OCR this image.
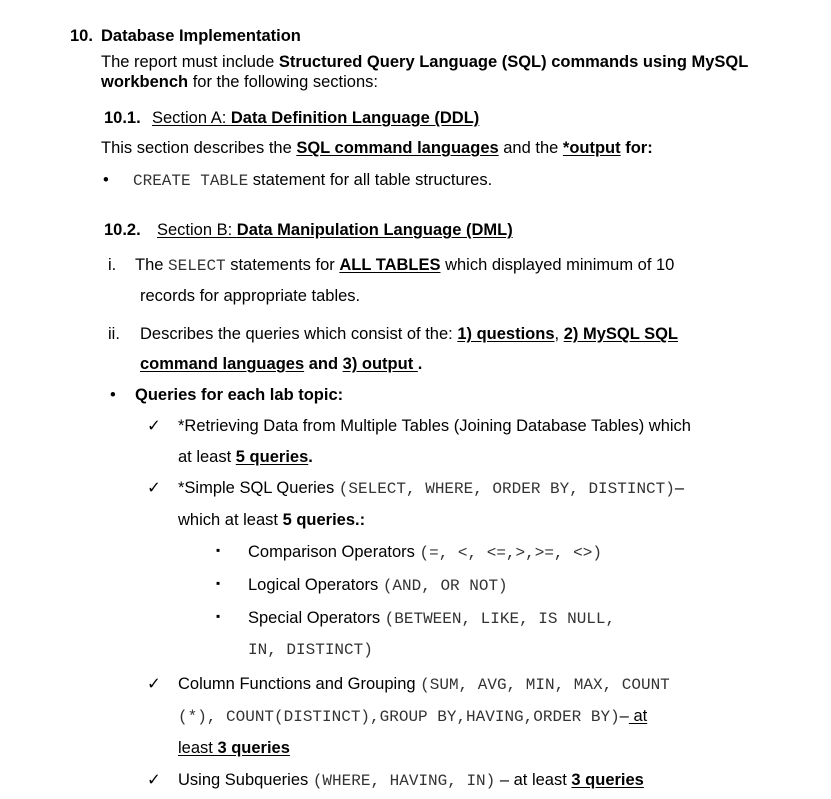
10. Database Implementation
The report must include Structured Query Language (SQL) commands using MySQL
workbench for the following sections:
10.1. Section A: Data Definition Language (DDL)
This section describes the SQL command languages and the *output for:
• CREATE TABLE statement for all table structures.
10.2. Section B: Data Manipulation Language (DML)
i. The SELECT statements for ALL TABLES which displayed minimum of 10
records for appropriate tables.
ii. Describes the queries which consist of the: 1) questions, 2) MySQL SQL
command languages and 3) output .
• Queries for each lab topic:
✓ *Retrieving Data from Multiple Tables (Joining Database Tables) which
at least 5 queries.
✓ *Simple SQL Queries (SELECT, WHERE, ORDER BY, DISTINCT)–
which at least 5 queries.:
▪ Comparison Operators (=, <, <=,>,>=, <>)
▪ Logical Operators (AND, OR NOT)
▪ Special Operators (BETWEEN, LIKE, IS NULL,
IN, DISTINCT)
✓ Column Functions and Grouping (SUM, AVG, MIN, MAX, COUNT
(*), COUNT(DISTINCT),GROUP BY,HAVING,ORDER BY)– at
least 3 queries
✓ Using Subqueries (WHERE, HAVING, IN) – at least 3 queries
